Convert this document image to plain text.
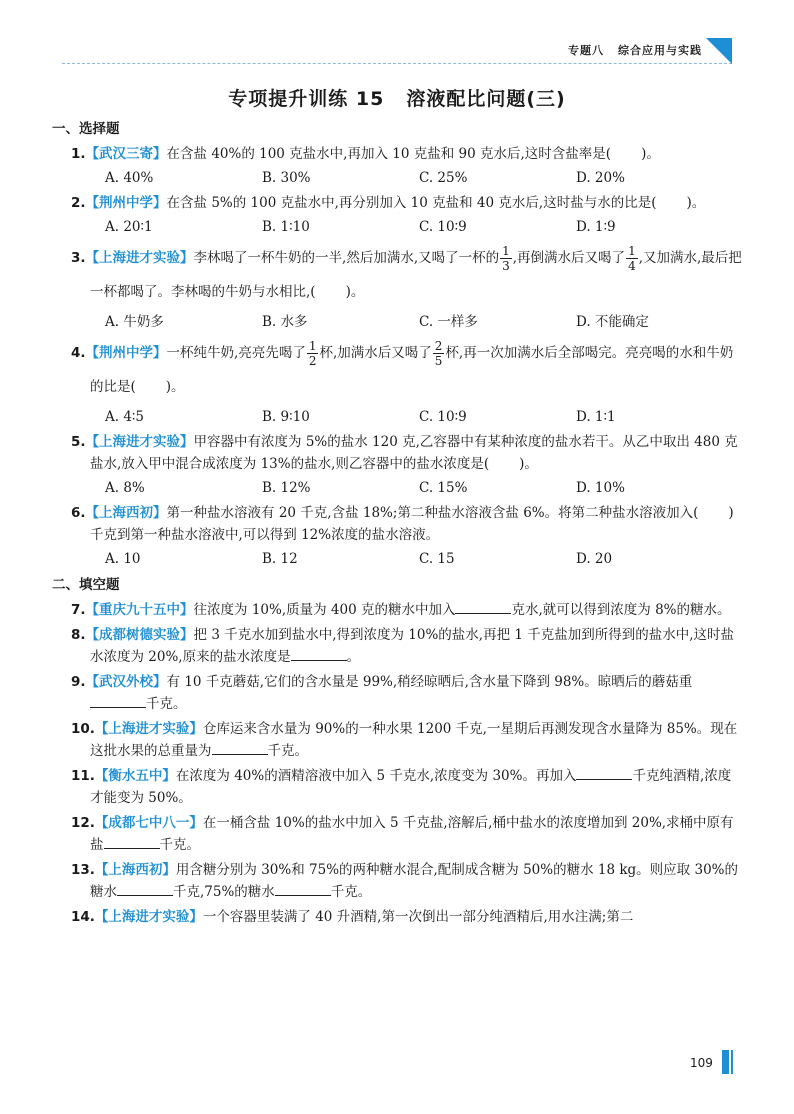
专题八 综合应用与实践
专项提升训练 15 溶液配比问题(三)
一、选择题
1.【武汉三寄】在含盐 40%的 100 克盐水中,再加入 10 克盐和 90 克水后,这时含盐率是( )。
A. 40%	B. 30%	C. 25%	D. 20%
2.【荆州中学】在含盐 5%的 100 克盐水中,再分别加入 10 克盐和 40 克水后,这时盐与水的比是( )。
A. 20∶1	B. 1∶10	C. 10∶9	D. 1∶9
3.【上海进才实验】李林喝了一杯牛奶的一半,然后加满水,又喝了一杯的 $\frac{1}{3}$ ,再倒满水后又喝了 $\frac{1}{4}$ ,又加满水,最后把一杯都喝了。李林喝的牛奶与水相比,( )。
A. 牛奶多	B. 水多	C. 一样多	D. 不能确定
4.【荆州中学】一杯纯牛奶,亮亮先喝了 $\frac{1}{2}$ 杯,加满水后又喝了 $\frac{2}{5}$ 杯,再一次加满水后全部喝完。亮亮喝的水和牛奶的比是( )。
A. 4∶5	B. 9∶10	C. 10∶9	D. 1∶1
5.【上海进才实验】甲容器中有浓度为 5%的盐水 120 克,乙容器中有某种浓度的盐水若干。从乙中取出 480 克盐水,放入甲中混合成浓度为 13%的盐水,则乙容器中的盐水浓度是( )。
A. 8%	B. 12%	C. 15%	D. 10%
6.【上海西初】第一种盐水溶液有 20 千克,含盐 18%;第二种盐水溶液含盐 6%。将第二种盐水溶液加入( )千克到第一种盐水溶液中,可以得到 12%浓度的盐水溶液。
A. 10	B. 12	C. 15	D. 20
二、填空题
7.【重庆九十五中】往浓度为 10%,质量为 400 克的糖水中加入	克水,就可以得到浓度为 8%的糖水。
8.【成都树德实验】把 3 千克水加到盐水中,得到浓度为 10%的盐水,再把 1 千克盐加到所得到的盐水中,这时盐水浓度为 20%,原来的盐水浓度是	。
9.【武汉外校】有 10 千克蘑菇,它们的含水量是 99%,稍经晾晒后,含水量下降到 98%。晾晒后的蘑菇重千克。
10.【上海进才实验】仓库运来含水量为 90%的一种水果 1200 千克,一星期后再测发现含水量降为 85%。现在这批水果的总重量为	千克。
11.【衡水五中】在浓度为 40%的酒精溶液中加入 5 千克水,浓度变为 30%。再加入	千克纯酒精,浓度才能变为 50%。
12.【成都七中八一】在一桶含盐 10%的盐水中加入 5 千克盐,溶解后,桶中盐水的浓度增加到 20%,求桶中原有盐	千克。
13.【上海西初】用含糖分别为 30%和 75%的两种糖水混合,配制成含糖为 50%的糖水 18 kg。则应取 30%的糖水	千克,75%的糖水	千克。
14.【上海进才实验】一个容器里装满了 40 升酒精,第一次倒出一部分纯酒精后,用水注满;第二
109
